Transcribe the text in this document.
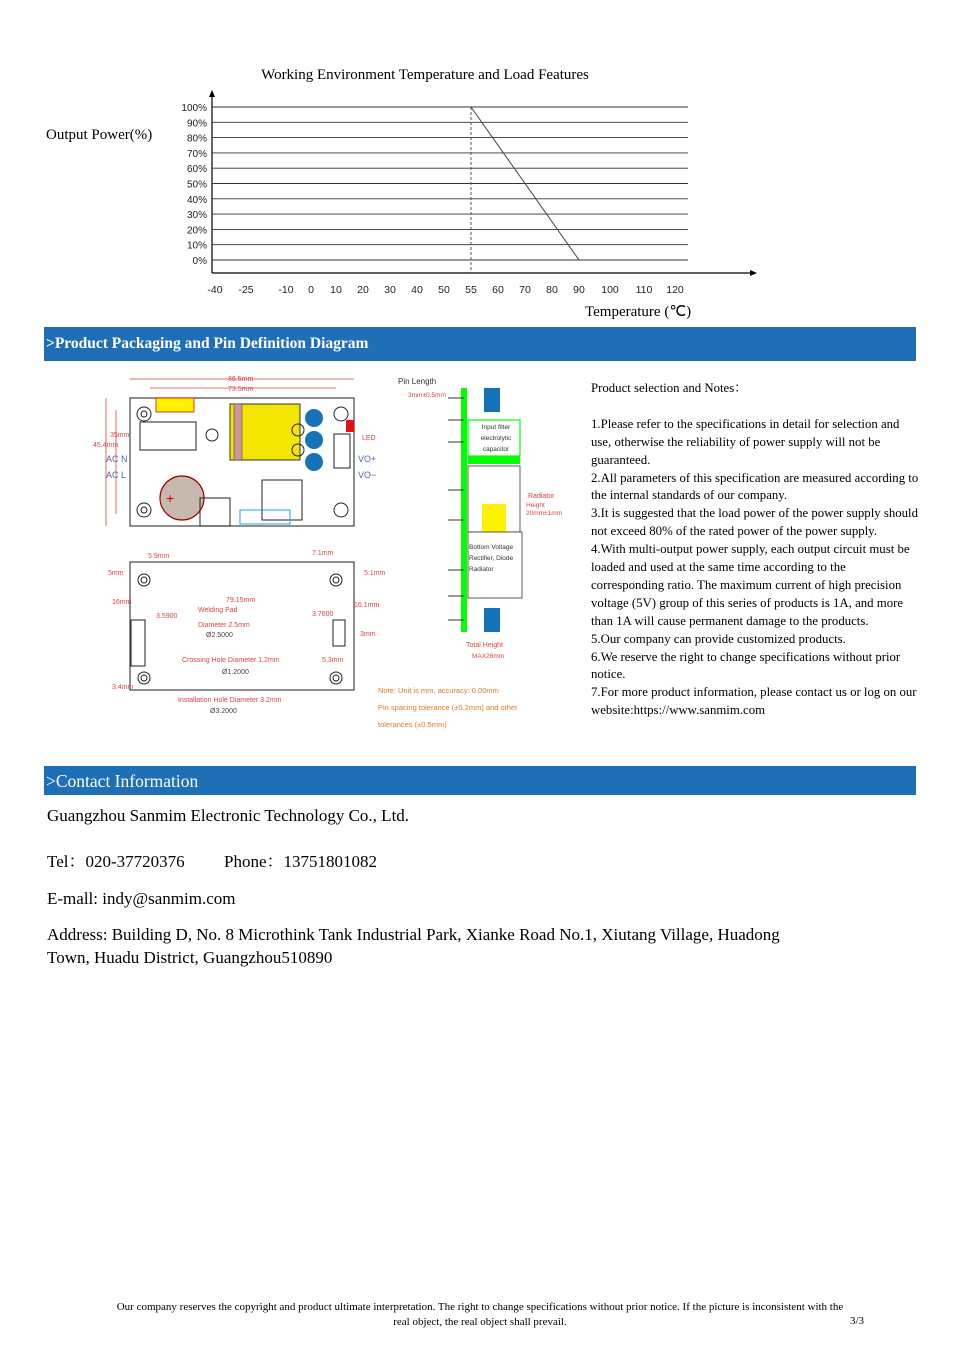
Working Environment Temperature and Load Features
Output Power(%)
Temperature (℃)
100%
90%
80%
70%
60%
50%
40%
30%
20%
10%
0%
-40 -25 -10 0 10 20 30 40 50 55 60 70 80 90 100 110 120
>Product Packaging and Pin Definition Diagram
+
86.5mm
73.5mm
45.4mm
35mm
AC N
AC L
LED
VO+
VO−
5.9mm	7.1mm
5.1mm
5mm
16mm	79.15mm
3.5900	3.7600
16.1mm
3mm
5.3mm
3.4mm
Welding Pad
Diameter 2.5mm
Ø2.5000
Crossing Hole Diameter 1.2mm
Ø1.2000
Installation Hole Diameter 3.2mm
Ø3.2000
Note: Unit is mm, accuracy: 0.00mm
Pin spacing tolerance (±0.2mm) and other
tolerances (±0.5mm)
Pin Length
3mm±0.5mm
Input filter electrolytic capacitor
Radiator
Height 20mm±1mm
Bottom Voltage Rectifier, Diode Radiator
Total Height
MAX26mm

Product selection and Notes：

1.Please refer to the specifications in detail for selection and use, otherwise the reliability of power supply will not be guaranteed.

2.All parameters of this specification are measured according to the internal standards of our company.

3.It is suggested that the load power of the power supply should not exceed 80% of the rated power of the power supply.

4.With multi-output power supply, each output circuit must be loaded and used at the same time according to the corresponding ratio. The maximum current of high precision voltage (5V) group of this series of products is 1A, and more than 1A will cause permanent damage to the products.

5.Our company can provide customized products.

6.We reserve the right to change specifications without prior notice.

7.For more product information, please contact us or log on our website:https://www.sanmim.com

>Contact Information
Guangzhou Sanmim Electronic Technology Co., Ltd.
Tel：020-37720376 Phone：13751801082
E-mall: indy@sanmim.com
Address: Building D, No. 8 Microthink Tank Industrial Park, Xianke Road No.1, Xiutang Village, Huadong
Town, Huadu District, Guangzhou510890
Our company reserves the copyright and product ultimate interpretation. The right to change specifications without prior notice. If the picture is inconsistent with the
real object, the real object shall prevail.	3/3
